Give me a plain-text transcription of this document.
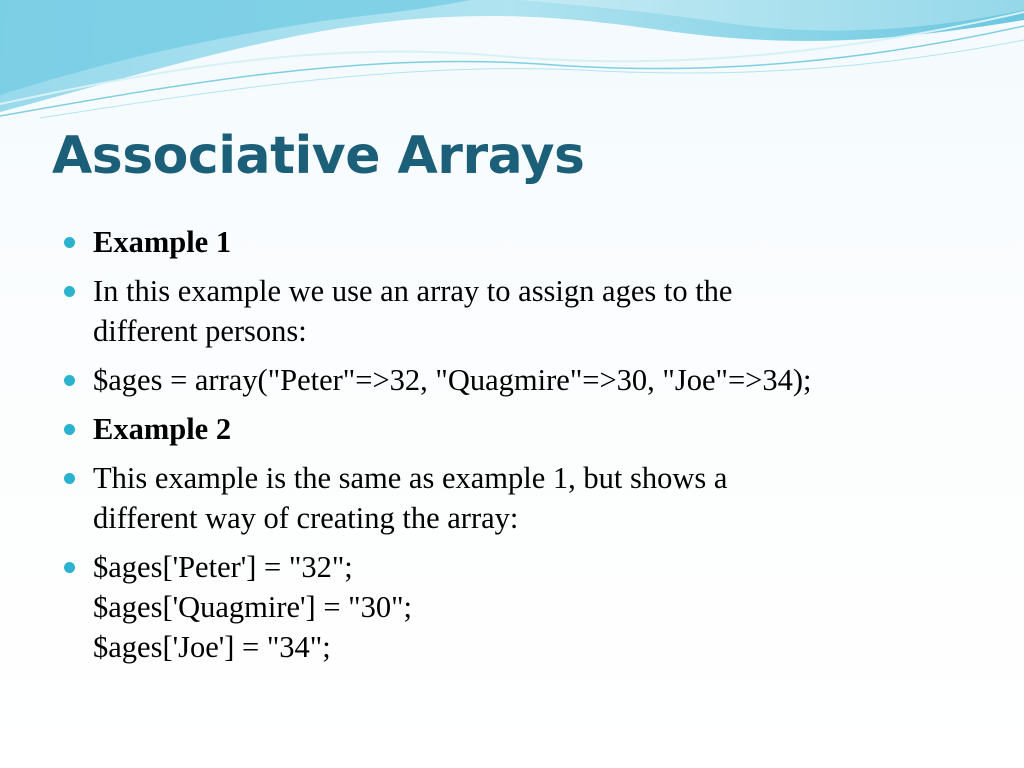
Associative Arrays
Example 1
In this example we use an array to assign ages to the
different persons:
$ages = array("Peter"=>32, "Quagmire"=>30, "Joe"=>34);
Example 2
This example is the same as example 1, but shows a
different way of creating the array:
$ages['Peter'] = "32";
$ages['Quagmire'] = "30";
$ages['Joe'] = "34";
